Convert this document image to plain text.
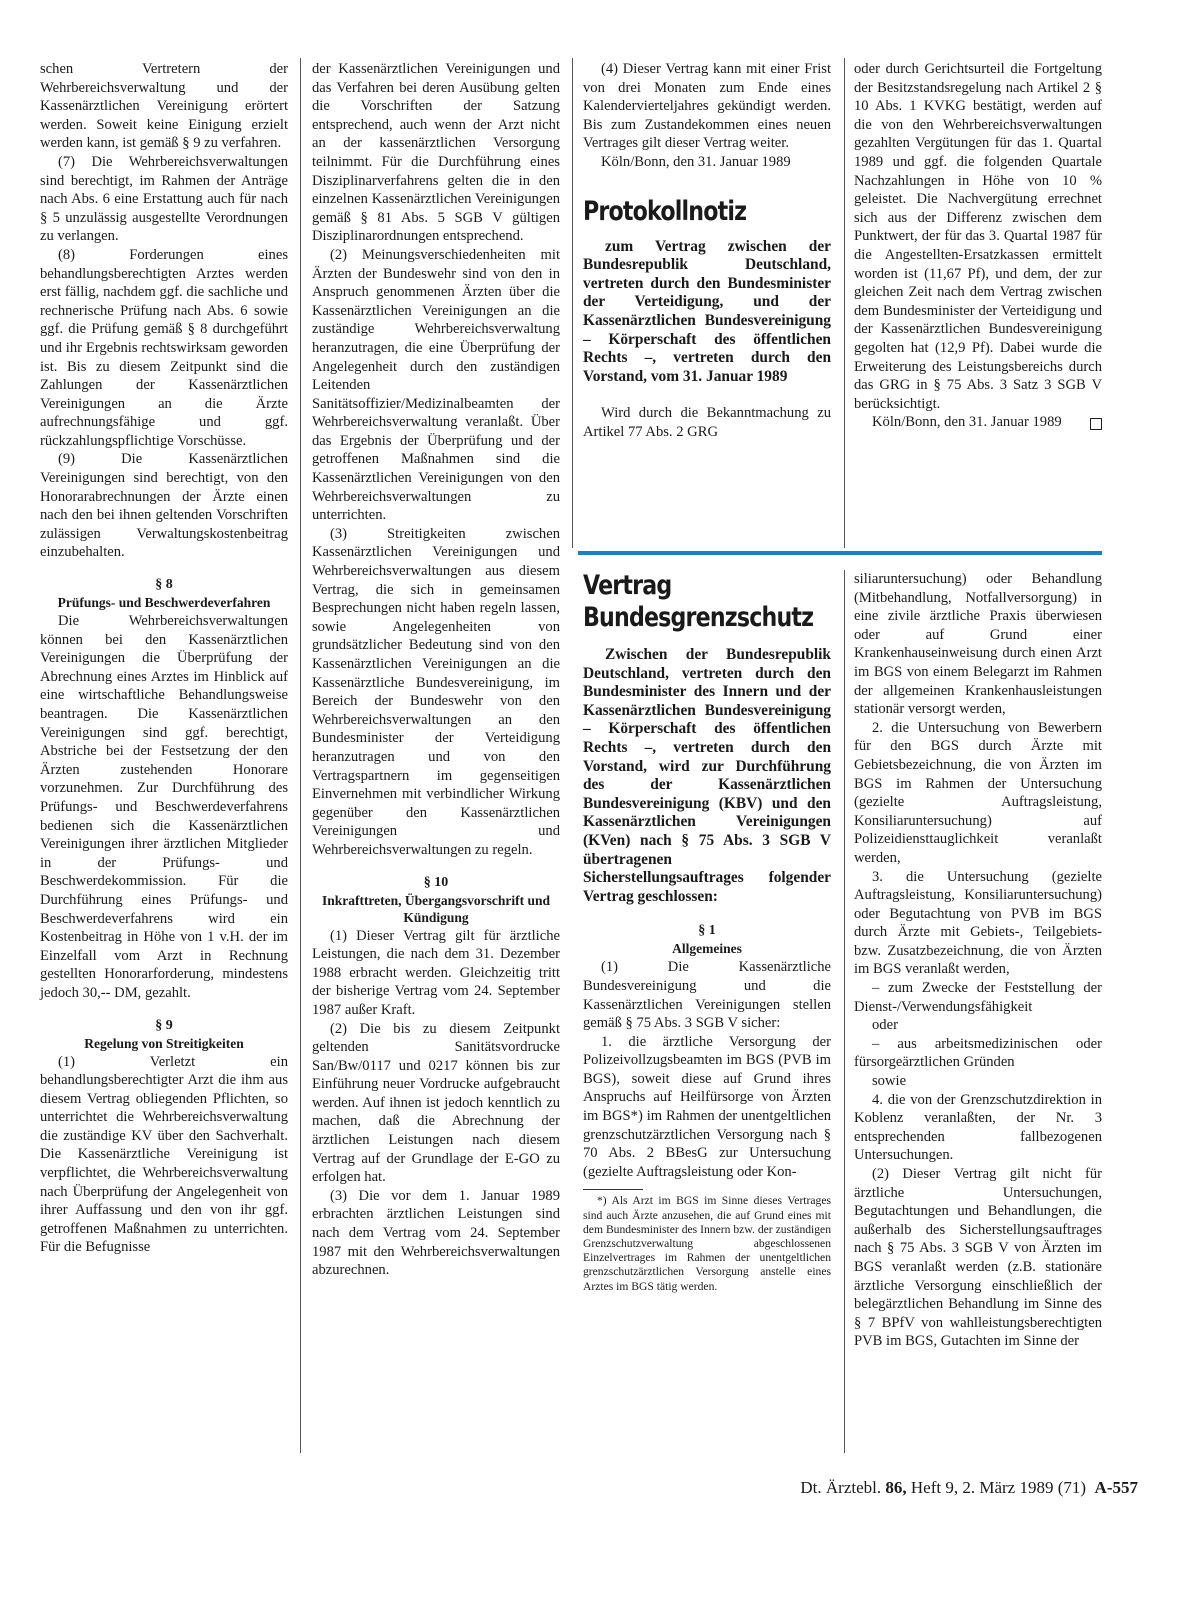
schen Vertretern der Wehrbereichsverwaltung und der Kassenärztlichen Vereinigung erörtert werden. Soweit keine Einigung erzielt werden kann, ist gemäß § 9 zu verfahren.

(7) Die Wehrbereichsverwaltungen sind berechtigt, im Rahmen der Anträge nach Abs. 6 eine Erstattung auch für nach § 5 unzulässig ausgestellte Verordnungen zu verlangen.

(8) Forderungen eines behandlungsberechtigten Arztes werden erst fällig, nachdem ggf. die sachliche und rechnerische Prüfung nach Abs. 6 sowie ggf. die Prüfung gemäß § 8 durchgeführt und ihr Ergebnis rechtswirksam geworden ist. Bis zu diesem Zeitpunkt sind die Zahlungen der Kassenärztlichen Vereinigungen an die Ärzte aufrechnungsfähige und ggf. rückzahlungspflichtige Vorschüsse.

(9) Die Kassenärztlichen Vereinigungen sind berechtigt, von den Honorarabrechnungen der Ärzte einen nach den bei ihnen geltenden Vorschriften zulässigen Verwaltungskostenbeitrag einzubehalten.

§ 8
Prüfungs- und Beschwerdeverfahren

Die Wehrbereichsverwaltungen können bei den Kassenärztlichen Vereinigungen die Überprüfung der Abrechnung eines Arztes im Hinblick auf eine wirtschaftliche Behandlungsweise beantragen. Die Kassenärztlichen Vereinigungen sind ggf. berechtigt, Abstriche bei der Festsetzung der den Ärzten zustehenden Honorare vorzunehmen. Zur Durchführung des Prüfungs- und Beschwerdeverfahrens bedienen sich die Kassenärztlichen Vereinigungen ihrer ärztlichen Mitglieder in der Prüfungs- und Beschwerdekommission. Für die Durchführung eines Prüfungs- und Beschwerdeverfahrens wird ein Kostenbeitrag in Höhe von 1 v.H. der im Einzelfall vom Arzt in Rechnung gestellten Honorarforderung, mindestens jedoch 30,-- DM, gezahlt.

§ 9
Regelung von Streitigkeiten

(1) Verletzt ein behandlungsberechtigter Arzt die ihm aus diesem Vertrag obliegenden Pflichten, so unterrichtet die Wehrbereichsverwaltung die zuständige KV über den Sachverhalt. Die Kassenärztliche Vereinigung ist verpflichtet, die Wehrbereichsverwaltung nach Überprüfung der Angelegenheit von ihrer Auffassung und den von ihr ggf. getroffenen Maßnahmen zu unterrichten. Für die Befugnisse

der Kassenärztlichen Vereinigungen und das Verfahren bei deren Ausübung gelten die Vorschriften der Satzung entsprechend, auch wenn der Arzt nicht an der kassenärztlichen Versorgung teilnimmt. Für die Durchführung eines Disziplinarverfahrens gelten die in den einzelnen Kassenärztlichen Vereinigungen gemäß § 81 Abs. 5 SGB V gültigen Disziplinarordnungen entsprechend.

(2) Meinungsverschiedenheiten mit Ärzten der Bundeswehr sind von den in Anspruch genommenen Ärzten über die Kassenärztlichen Vereinigungen an die zuständige Wehrbereichsverwaltung heranzutragen, die eine Überprüfung der Angelegenheit durch den zuständigen Leitenden Sanitätsoffizier/Medizinalbeamten der Wehrbereichsverwaltung veranlaßt. Über das Ergebnis der Überprüfung und der getroffenen Maßnahmen sind die Kassenärztlichen Vereinigungen von den Wehrbereichsverwaltungen zu unterrichten.

(3) Streitigkeiten zwischen Kassenärztlichen Vereinigungen und Wehrbereichsverwaltungen aus diesem Vertrag, die sich in gemeinsamen Besprechungen nicht haben regeln lassen, sowie Angelegenheiten von grundsätzlicher Bedeutung sind von den Kassenärztlichen Vereinigungen an die Kassenärztliche Bundesvereinigung, im Bereich der Bundeswehr von den Wehrbereichsverwaltungen an den Bundesminister der Verteidigung heranzutragen und von den Vertragspartnern im gegenseitigen Einvernehmen mit verbindlicher Wirkung gegenüber den Kassenärztlichen Vereinigungen und Wehrbereichsverwaltungen zu regeln.

§ 10
Inkrafttreten, Übergangsvorschrift und Kündigung

(1) Dieser Vertrag gilt für ärztliche Leistungen, die nach dem 31. Dezember 1988 erbracht werden. Gleichzeitig tritt der bisherige Vertrag vom 24. September 1987 außer Kraft.

(2) Die bis zu diesem Zeitpunkt geltenden Sanitätsvordrucke San/Bw/0117 und 0217 können bis zur Einführung neuer Vordrucke aufgebraucht werden. Auf ihnen ist jedoch kenntlich zu machen, daß die Abrechnung der ärztlichen Leistungen nach diesem Vertrag auf der Grundlage der E-GO zu erfolgen hat.

(3) Die vor dem 1. Januar 1989 erbrachten ärztlichen Leistungen sind nach dem Vertrag vom 24. September 1987 mit den Wehrbereichsverwaltungen abzurechnen.

(4) Dieser Vertrag kann mit einer Frist von drei Monaten zum Ende eines Kalendervierteljahres gekündigt werden. Bis zum Zustandekommen eines neuen Vertrages gilt dieser Vertrag weiter.

Köln/Bonn, den 31. Januar 1989

Protokollnotiz
zum Vertrag zwischen der Bundesrepublik Deutschland, vertreten durch den Bundesminister der Verteidigung, und der Kassenärztlichen Bundesvereinigung – Körperschaft des öffentlichen Rechts –, vertreten durch den Vorstand, vom 31. Januar 1989

Wird durch die Bekanntmachung zu Artikel 77 Abs. 2 GRG

oder durch Gerichtsurteil die Fortgeltung der Besitzstandsregelung nach Artikel 2 § 10 Abs. 1 KVKG bestätigt, werden auf die von den Wehrbereichsverwaltungen gezahlten Vergütungen für das 1. Quartal 1989 und ggf. die folgenden Quartale Nachzahlungen in Höhe von 10 % geleistet. Die Nachvergütung errechnet sich aus der Differenz zwischen dem Punktwert, der für das 3. Quartal 1987 für die Angestellten-Ersatzkassen ermittelt worden ist (11,67 Pf), und dem, der zur gleichen Zeit nach dem Vertrag zwischen dem Bundesminister der Verteidigung und der Kassenärztlichen Bundesvereinigung gegolten hat (12,9 Pf). Dabei wurde die Erweiterung des Leistungsbereichs durch das GRG in § 75 Abs. 3 Satz 3 SGB V berücksichtigt.

Köln/Bonn, den 31. Januar 1989

Vertrag
Bundesgrenzschutz
Zwischen der Bundesrepublik Deutschland, vertreten durch den Bundesminister des Innern und der Kassenärztlichen Bundesvereinigung – Körperschaft des öffentlichen Rechts –, vertreten durch den Vorstand, wird zur Durchführung des der Kassenärztlichen Bundesvereinigung (KBV) und den Kassenärztlichen Vereinigungen (KVen) nach § 75 Abs. 3 SGB V übertragenen Sicherstellungsauftrages folgender Vertrag geschlossen:
§ 1
Allgemeines

(1) Die Kassenärztliche Bundesvereinigung und die Kassenärztlichen Vereinigungen stellen gemäß § 75 Abs. 3 SGB V sicher:

1. die ärztliche Versorgung der Polizeivollzugsbeamten im BGS (PVB im BGS), soweit diese auf Grund ihres Anspruchs auf Heilfürsorge von Ärzten im BGS*) im Rahmen der unentgeltlichen grenzschutzärztlichen Versorgung nach § 70 Abs. 2 BBesG zur Untersuchung (gezielte Auftragsleistung oder Kon-

*) Als Arzt im BGS im Sinne dieses Vertrages sind auch Ärzte anzusehen, die auf Grund eines mit dem Bundesminister des Innern bzw. der zuständigen Grenzschutzverwaltung abgeschlossenen Einzelvertrages im Rahmen der unentgeltlichen grenzschutzärztlichen Versorgung anstelle eines Arztes im BGS tätig werden.

siliaruntersuchung) oder Behandlung (Mitbehandlung, Notfallversorgung) in eine zivile ärztliche Praxis überwiesen oder auf Grund einer Krankenhauseinweisung durch einen Arzt im BGS von einem Belegarzt im Rahmen der allgemeinen Krankenhausleistungen stationär versorgt werden,

2. die Untersuchung von Bewerbern für den BGS durch Ärzte mit Gebietsbezeichnung, die von Ärzten im BGS im Rahmen der Untersuchung (gezielte Auftragsleistung, Konsiliaruntersuchung) auf Polizeidiensttauglichkeit veranlaßt werden,

3. die Untersuchung (gezielte Auftragsleistung, Konsiliaruntersuchung) oder Begutachtung von PVB im BGS durch Ärzte mit Gebiets-, Teilgebiets- bzw. Zusatzbezeichnung, die von Ärzten im BGS veranlaßt werden,

– zum Zwecke der Feststellung der Dienst-/Verwendungsfähigkeit

oder

– aus arbeitsmedizinischen oder fürsorgeärztlichen Gründen

sowie

4. die von der Grenzschutzdirektion in Koblenz veranlaßten, der Nr. 3 entsprechenden fallbezogenen Untersuchungen.

(2) Dieser Vertrag gilt nicht für ärztliche Untersuchungen, Begutachtungen und Behandlungen, die außerhalb des Sicherstellungsauftrages nach § 75 Abs. 3 SGB V von Ärzten im BGS veranlaßt werden (z.B. stationäre ärztliche Versorgung einschließlich der belegärztlichen Behandlung im Sinne des § 7 BPfV von wahlleistungsberechtigten PVB im BGS, Gutachten im Sinne der

Dt. Ärztebl. 86, Heft 9, 2. März 1989 (71) A-557
